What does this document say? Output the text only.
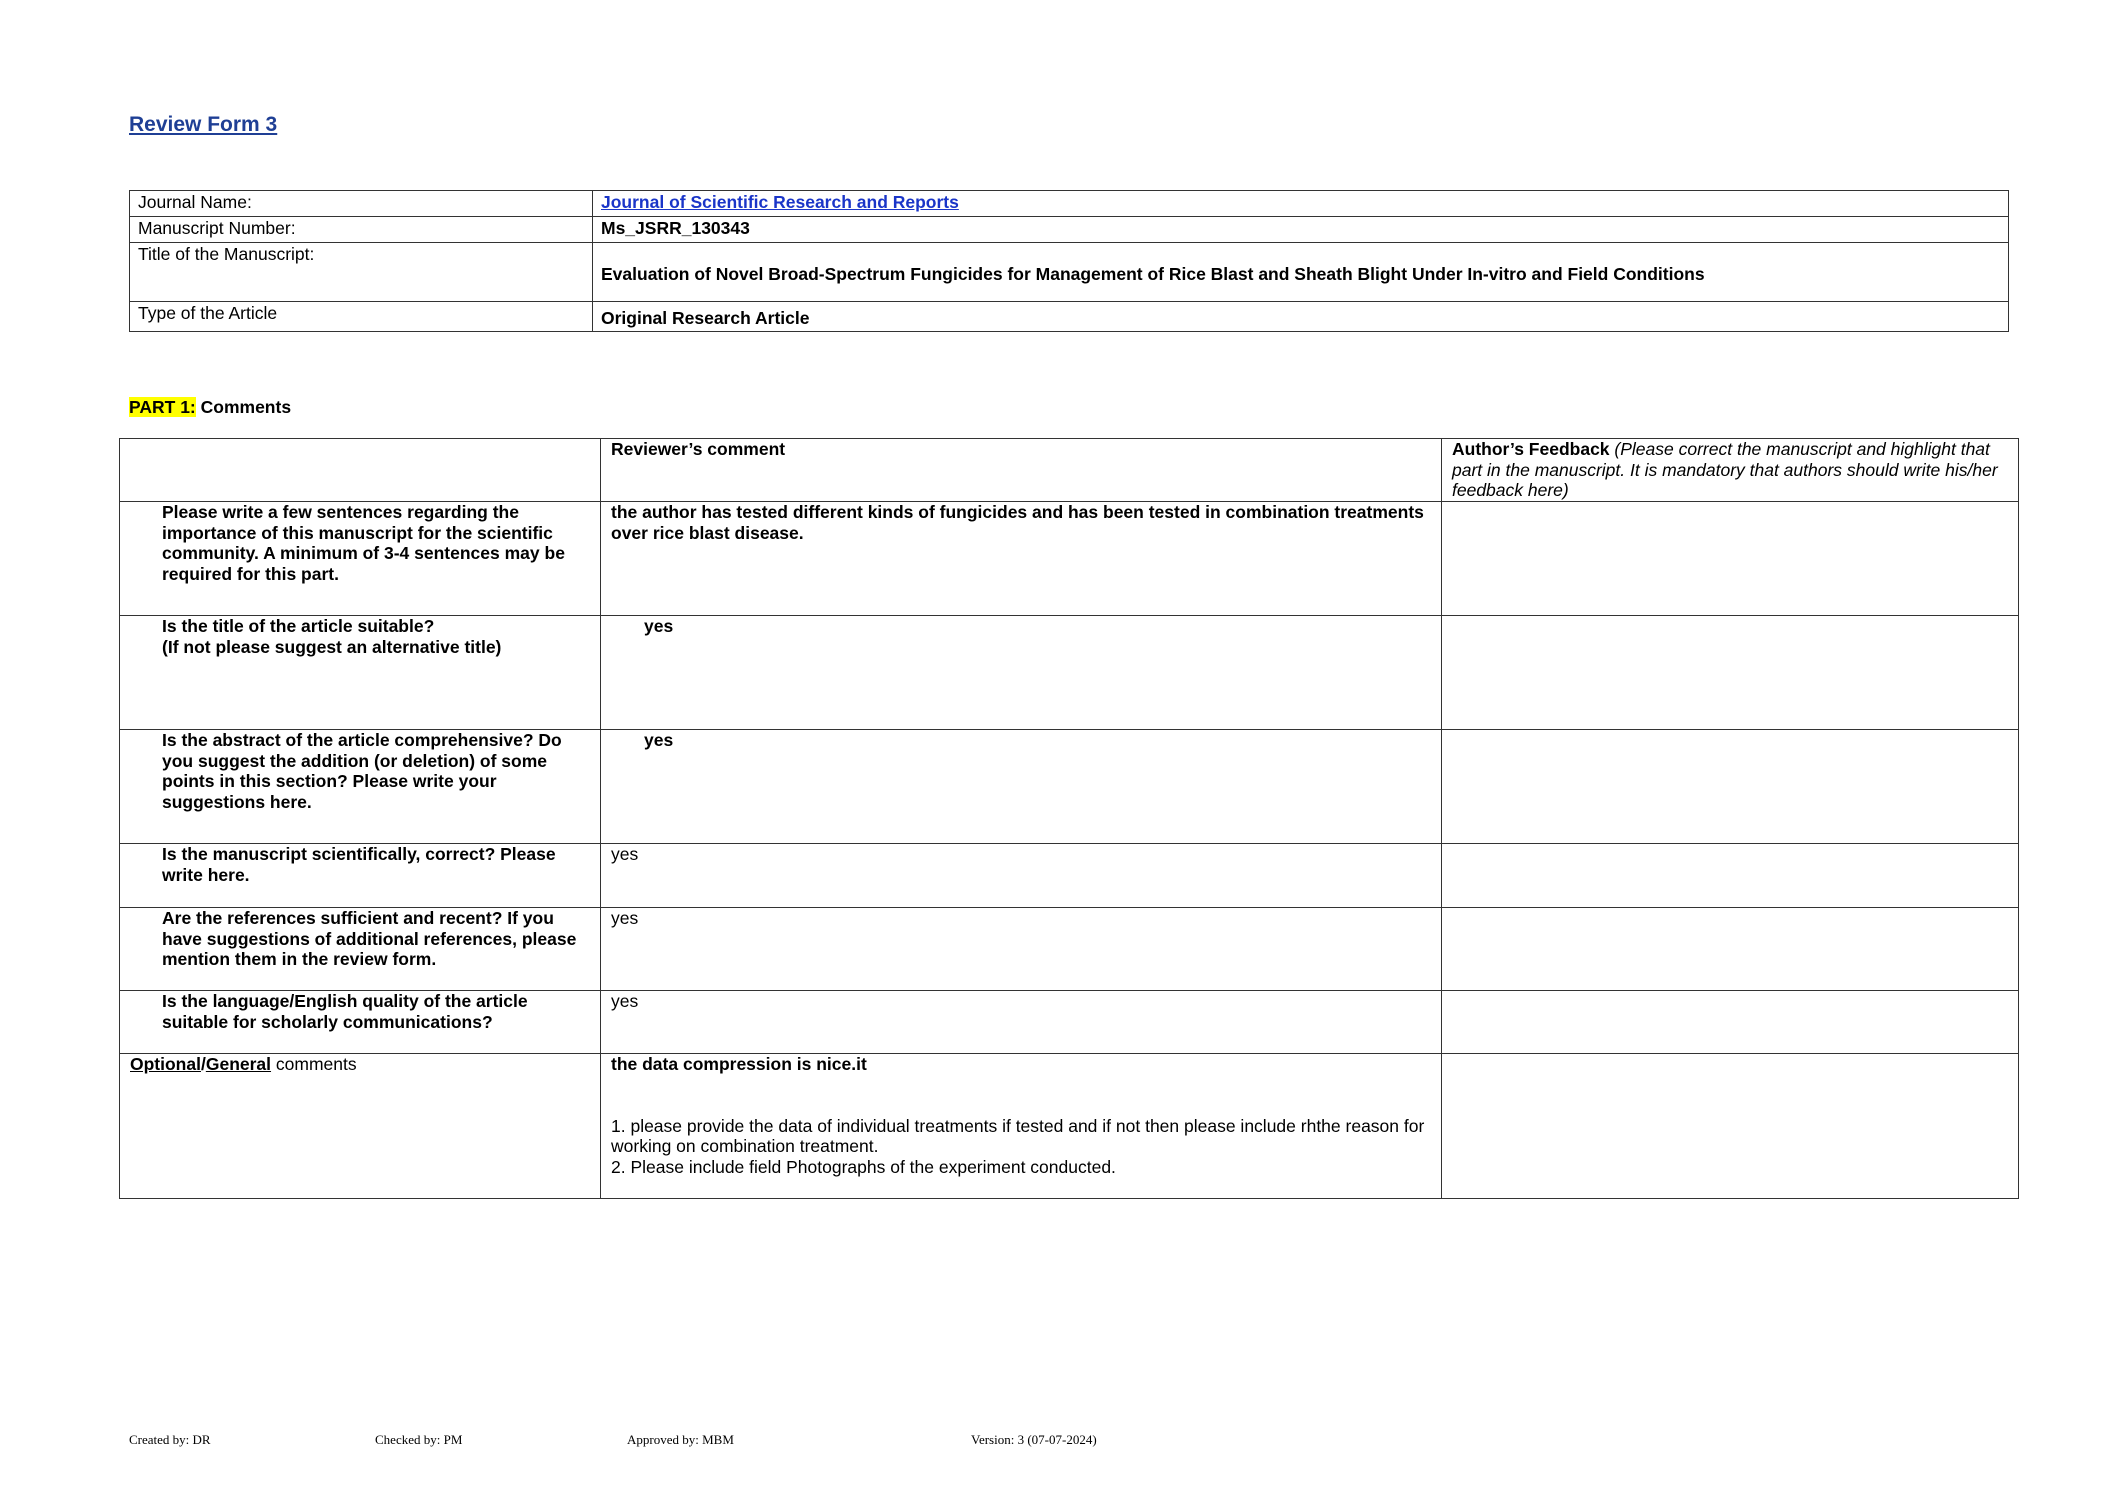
Review Form 3
Journal Name:	Journal of Scientific Research and Reports
Manuscript Number:	Ms_JSRR_130343
Title of the Manuscript:	Evaluation of Novel Broad-Spectrum Fungicides for Management of Rice Blast and Sheath Blight Under In-vitro and Field Conditions
Type of the Article	Original Research Article
PART 1: Comments
	Reviewer’s comment	Author’s Feedback (Please correct the manuscript and highlight that part in the manuscript. It is mandatory that authors should write his/her feedback here)
Please write a few sentences regarding the importance of this manuscript for the scientific community. A minimum of 3-4 sentences may be required for this part.	the author has tested different kinds of fungicides and has been tested in combination treatments over rice blast disease.	

Is the title of the article suitable?
(If not please suggest an alternative title)	yes	
Is the abstract of the article comprehensive? Do you suggest the addition (or deletion) of some points in this section? Please write your suggestions here.	yes	
Is the manuscript scientifically, correct? Please write here.	yes	
Are the references sufficient and recent? If you have suggestions of additional references, please mention them in the review form.	yes	
Is the language/English quality of the article suitable for scholarly communications?	yes	
Optional/General comments	the data compression is nice.it
1. please provide the data of individual treatments if tested and if not then please include rhthe reason for working on combination treatment.
2. Please include field Photographs of the experiment conducted.	

Created by: DR	Checked by: PM	Approved by: MBM	Version: 3 (07-07-2024)
